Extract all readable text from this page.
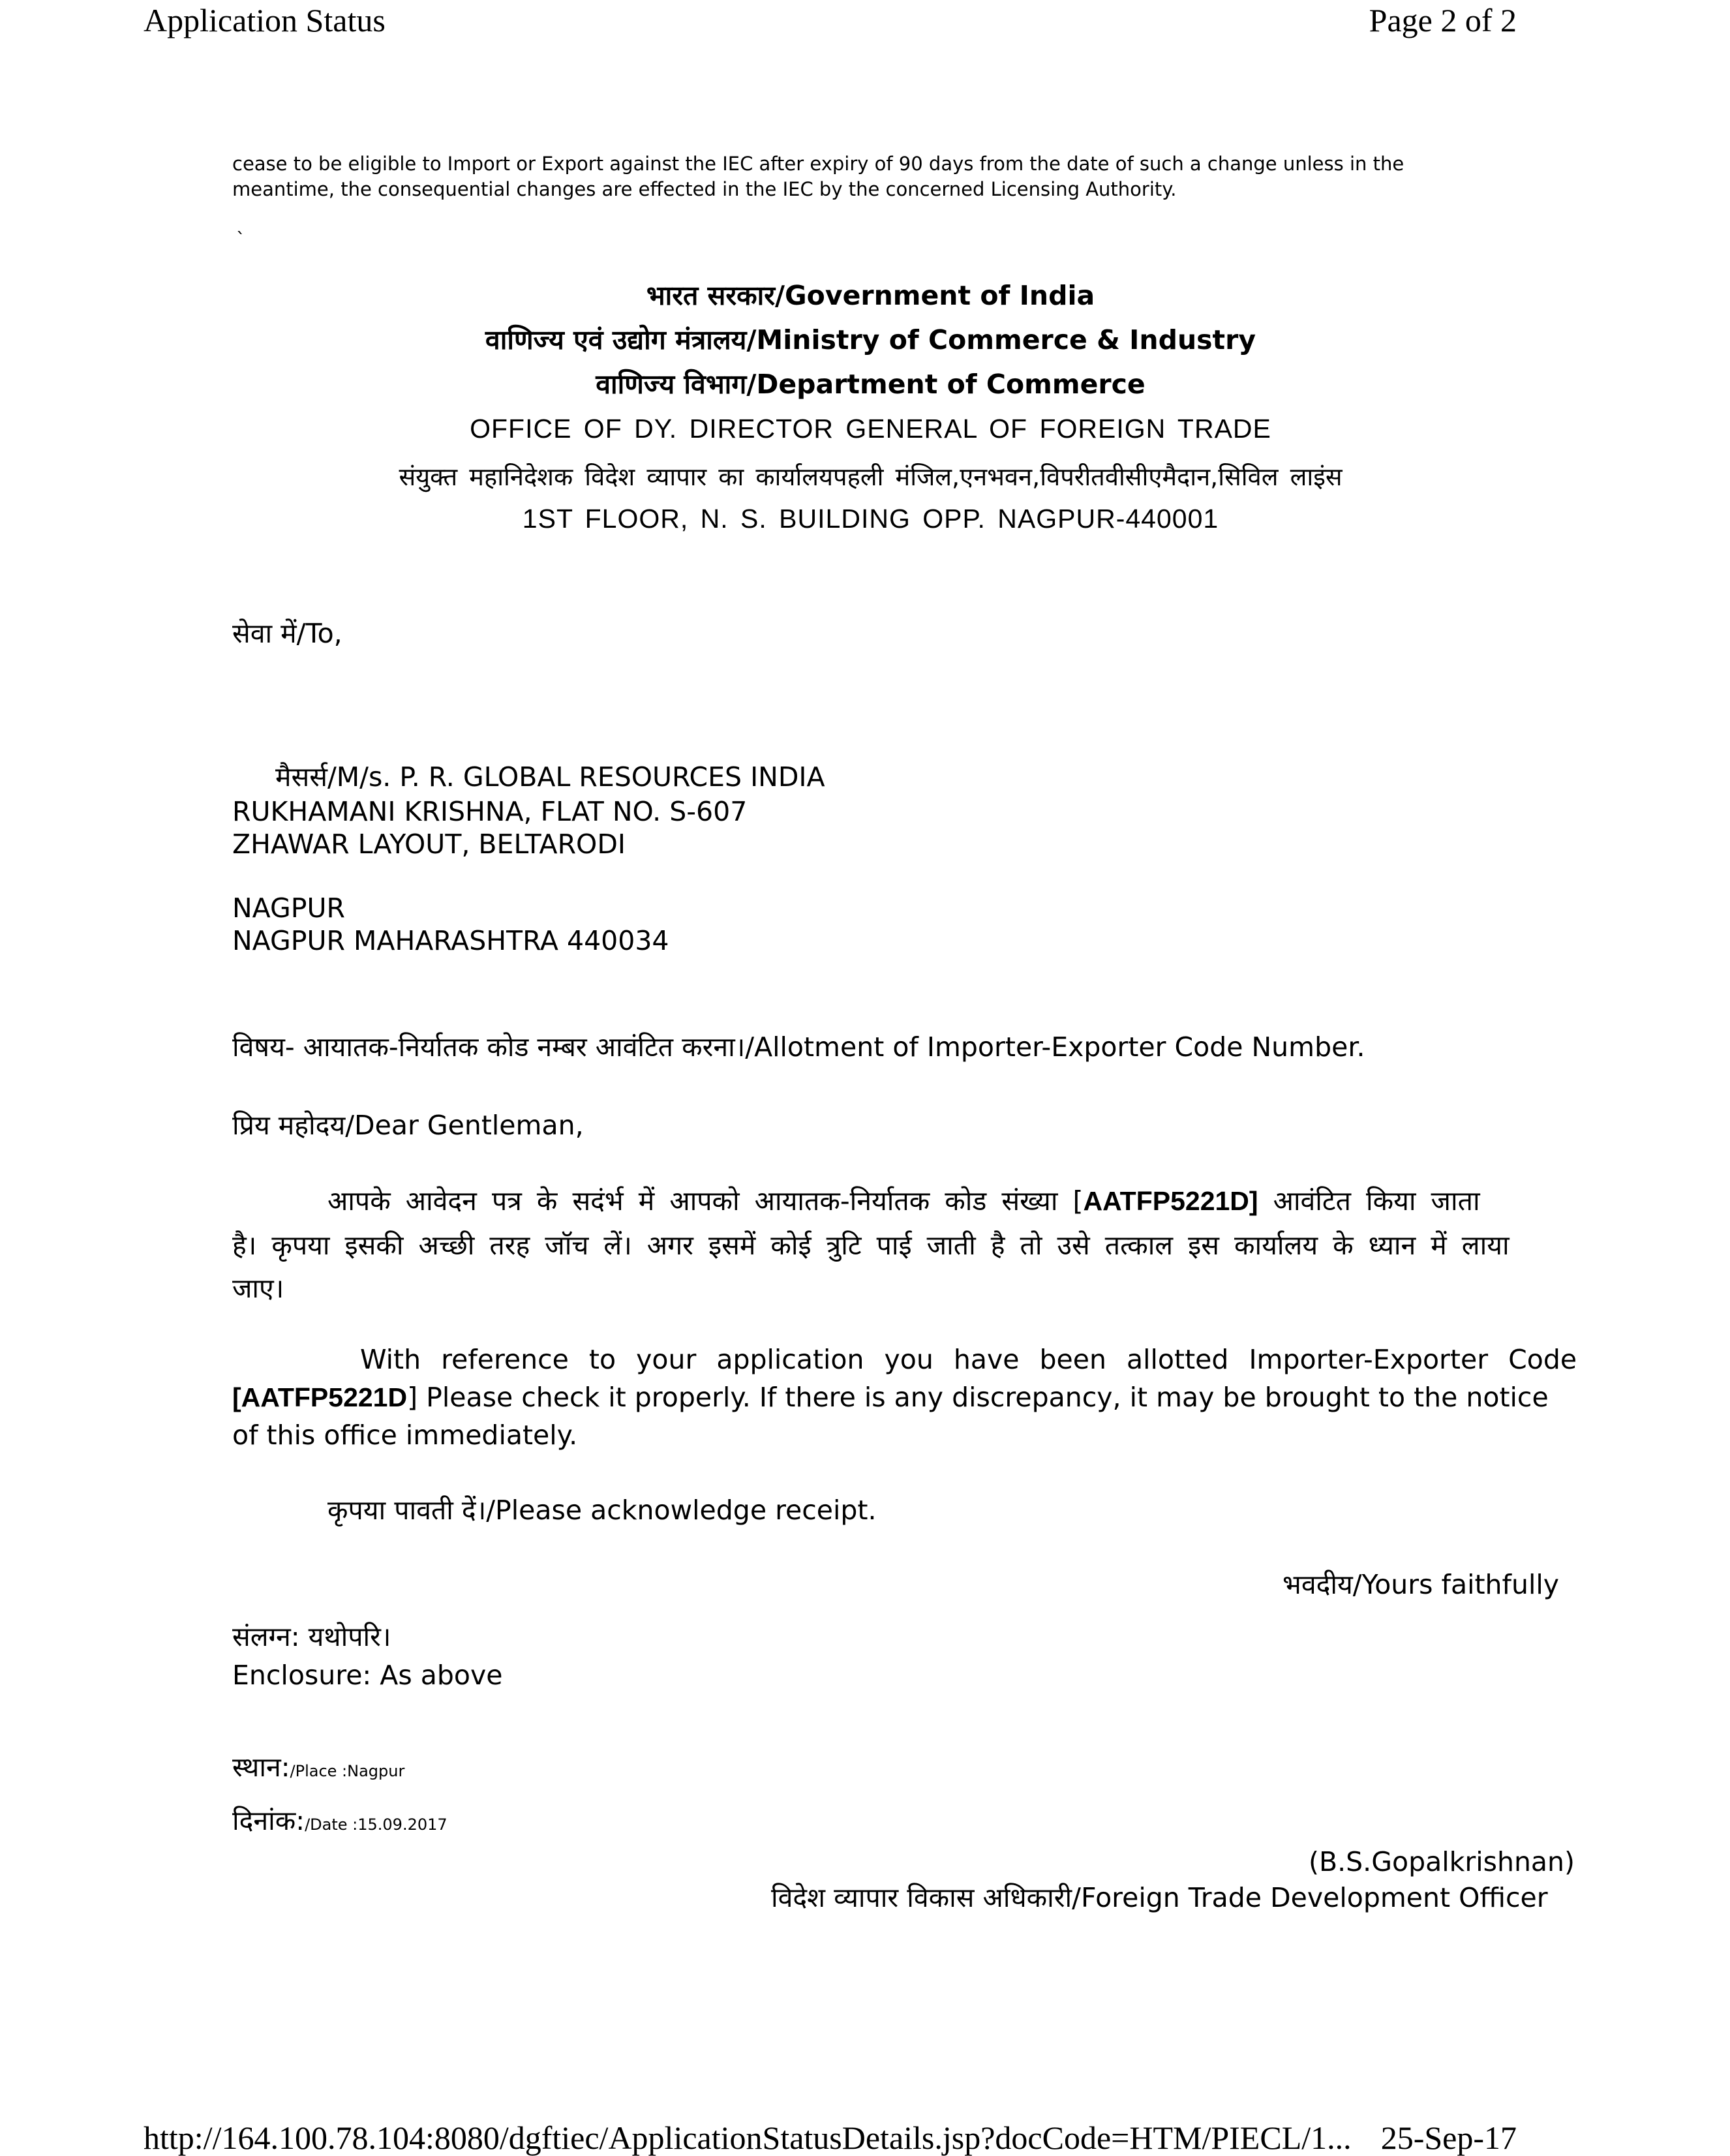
Application Status	Page 2 of 2
cease to be eligible to Import or Export against the IEC after expiry of 90 days from the date of such a change unless in the meantime, the consequential changes are effected in the IEC by the concerned Licensing Authority.
`
भारत सरकार/Government of India
वाणिज्य एवं उद्योग मंत्रालय/Ministry of Commerce & Industry
वाणिज्य विभाग/Department of Commerce
OFFICE OF DY. DIRECTOR GENERAL OF FOREIGN TRADE
संयुक्त महानिदेशक विदेश व्यापार का कार्यालयपहली मंजिल,एनभवन,विपरीतवीसीएमैदान,सिविल लाइंस
1ST FLOOR, N. S. BUILDING OPP. NAGPUR-440001
सेवा में/To,
मैसर्स/M/s. P. R. GLOBAL RESOURCES INDIA
RUKHAMANI KRISHNA, FLAT NO. S-607
ZHAWAR LAYOUT, BELTARODI
NAGPUR
NAGPUR MAHARASHTRA 440034
विषय- आयातक-निर्यातक कोड नम्बर आवंटित करना।/Allotment of Importer-Exporter Code Number.
प्रिय महोदय/Dear Gentleman,
आपके आवेदन पत्र के सदंर्भ में आपको आयातक-निर्यातक कोड संख्या [AATFP5221D] आवंटित किया जाता
है। कृपया इसकी अच्छी तरह जॉच लें। अगर इसमें कोई त्रुटि पाई जाती है तो उसे तत्काल इस कार्यालय के ध्यान में लाया
जाए।
With reference to your application you have been allotted Importer-Exporter Code
[AATFP5221D] Please check it properly. If there is any discrepancy, it may be brought to the notice
of this office immediately.
कृपया पावती दें।/Please acknowledge receipt.
भवदीय/Yours faithfully
संलग्न: यथोपरि।
Enclosure: As above
स्थान:/Place :Nagpur
दिनांक:/Date :15.09.2017
(B.S.Gopalkrishnan)
विदेश व्यापार विकास अधिकारी/Foreign Trade Development Officer
http://164.100.78.104:8080/dgftiec/ApplicationStatusDetails.jsp?docCode=HTM/PIECL/1... 25-Sep-17
